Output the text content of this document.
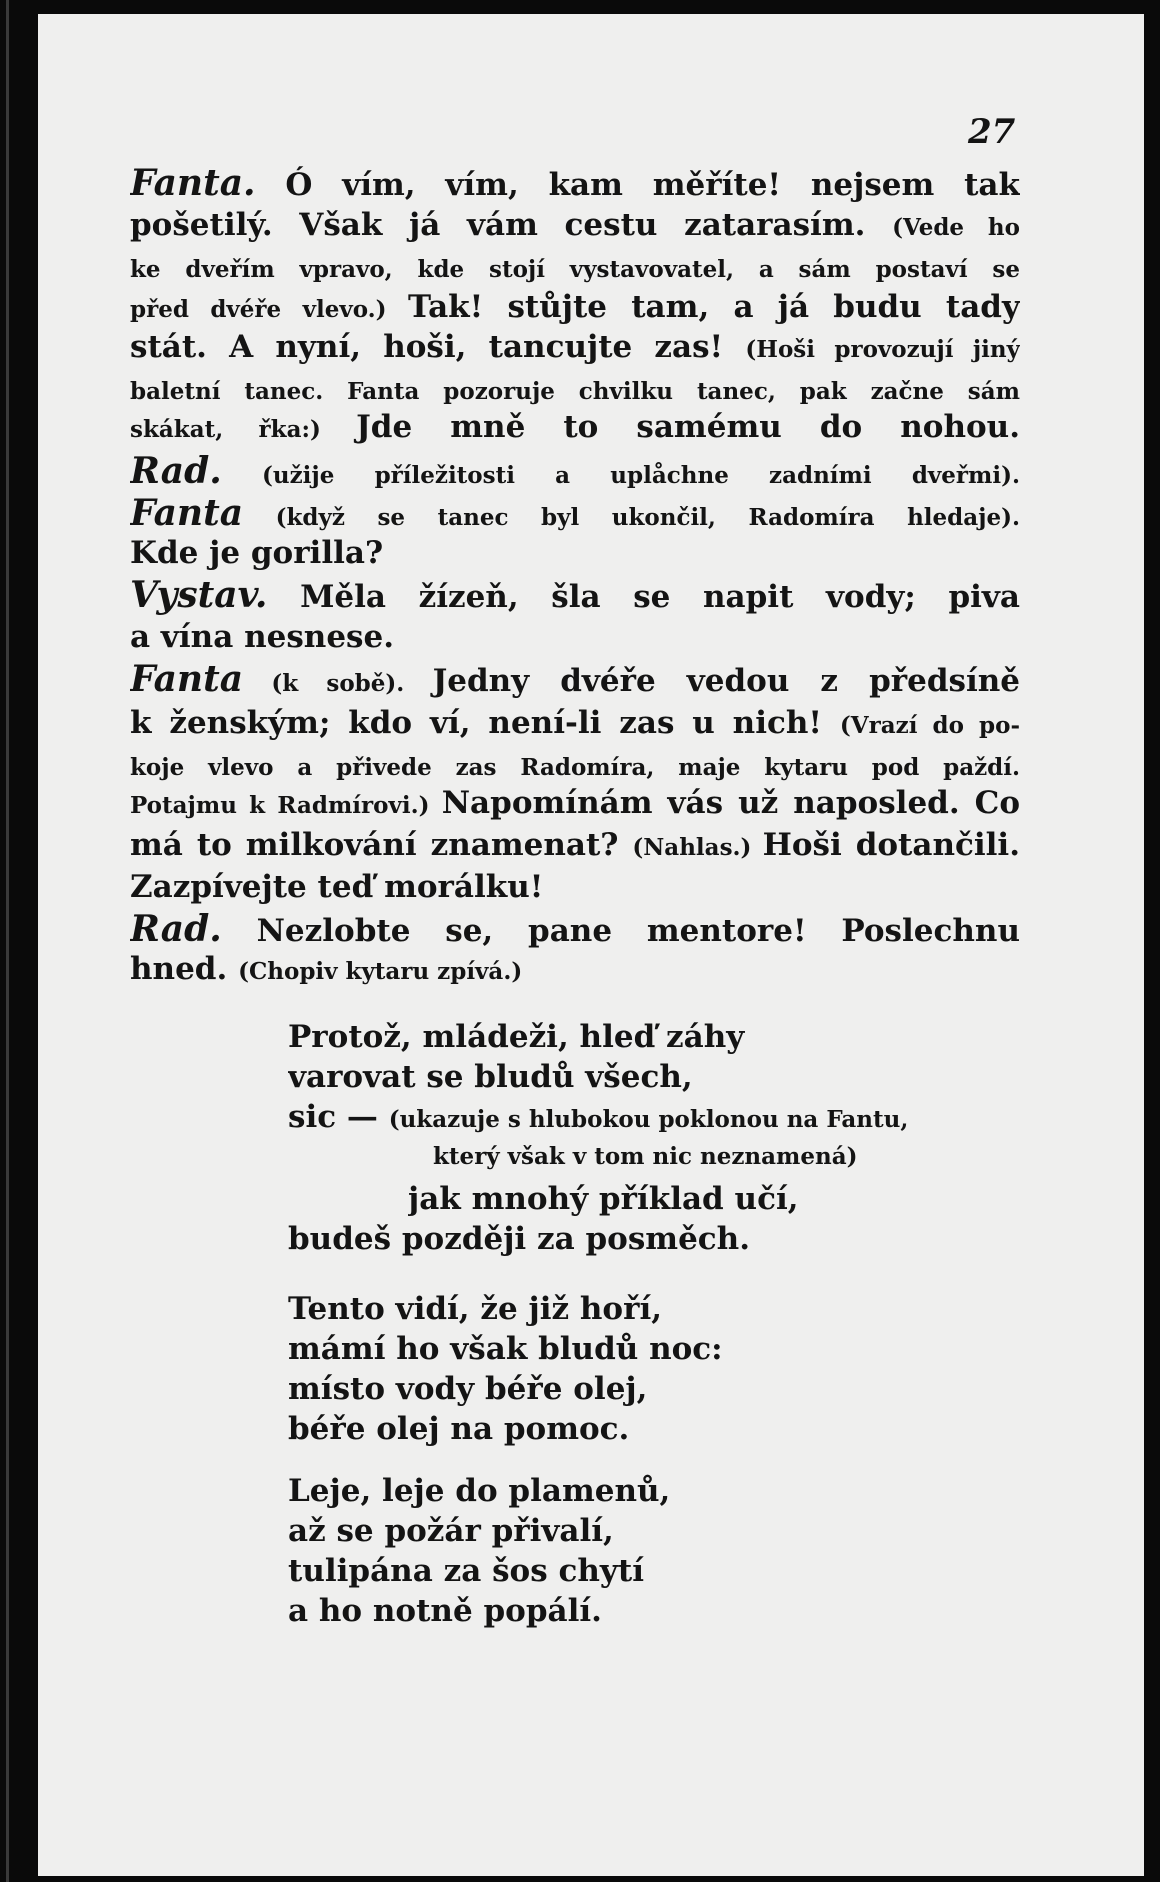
27
Fanta. Ó vím, vím, kam měříte! nejsem tak
pošetilý. Však já vám cestu zatarasím. (Vede ho
ke dveřím vpravo, kde stojí vystavovatel, a sám postaví se
před dvéře vlevo.) Tak! stůjte tam, a já budu tady
stát. A nyní, hoši, tancujte zas! (Hoši provozují jiný
baletní tanec. Fanta pozoruje chvilku tanec, pak začne sám
skákat, řka:) Jde mně to samému do nohou.
Rad. (užije příležitosti a uplåchne zadními dveřmi).
Fanta (když se tanec byl ukončil, Radomíra hledaje).
Kde je gorilla?
Vystav. Měla žízeň, šla se napit vody; piva
a vína nesnese.
Fanta (k sobě). Jedny dvéře vedou z předsíně
k ženským; kdo ví, není-li zas u nich! (Vrazí do po-
koje vlevo a přivede zas Radomíra, maje kytaru pod paždí.
Potajmu k Radmírovi.) Napomínám vás už naposled. Co
má to milkování znamenat? (Nahlas.) Hoši dotančili.
Zazpívejte teď morálku!
Rad. Nezlobte se, pane mentore! Poslechnu
hned. (Chopiv kytaru zpívá.)
Protož, mládeži, hleď záhy
varovat se bludů všech,
sic — (ukazuje s hlubokou poklonou na Fantu,
který však v tom nic neznamená)
jak mnohý příklad učí,
budeš později za posměch.
Tento vidí, že již hoří,
mámí ho však bludů noc:
místo vody béře olej,
béře olej na pomoc.
Leje, leje do plamenů,
až se požár přivalí,
tulipána za šos chytí
a ho notně popálí.
